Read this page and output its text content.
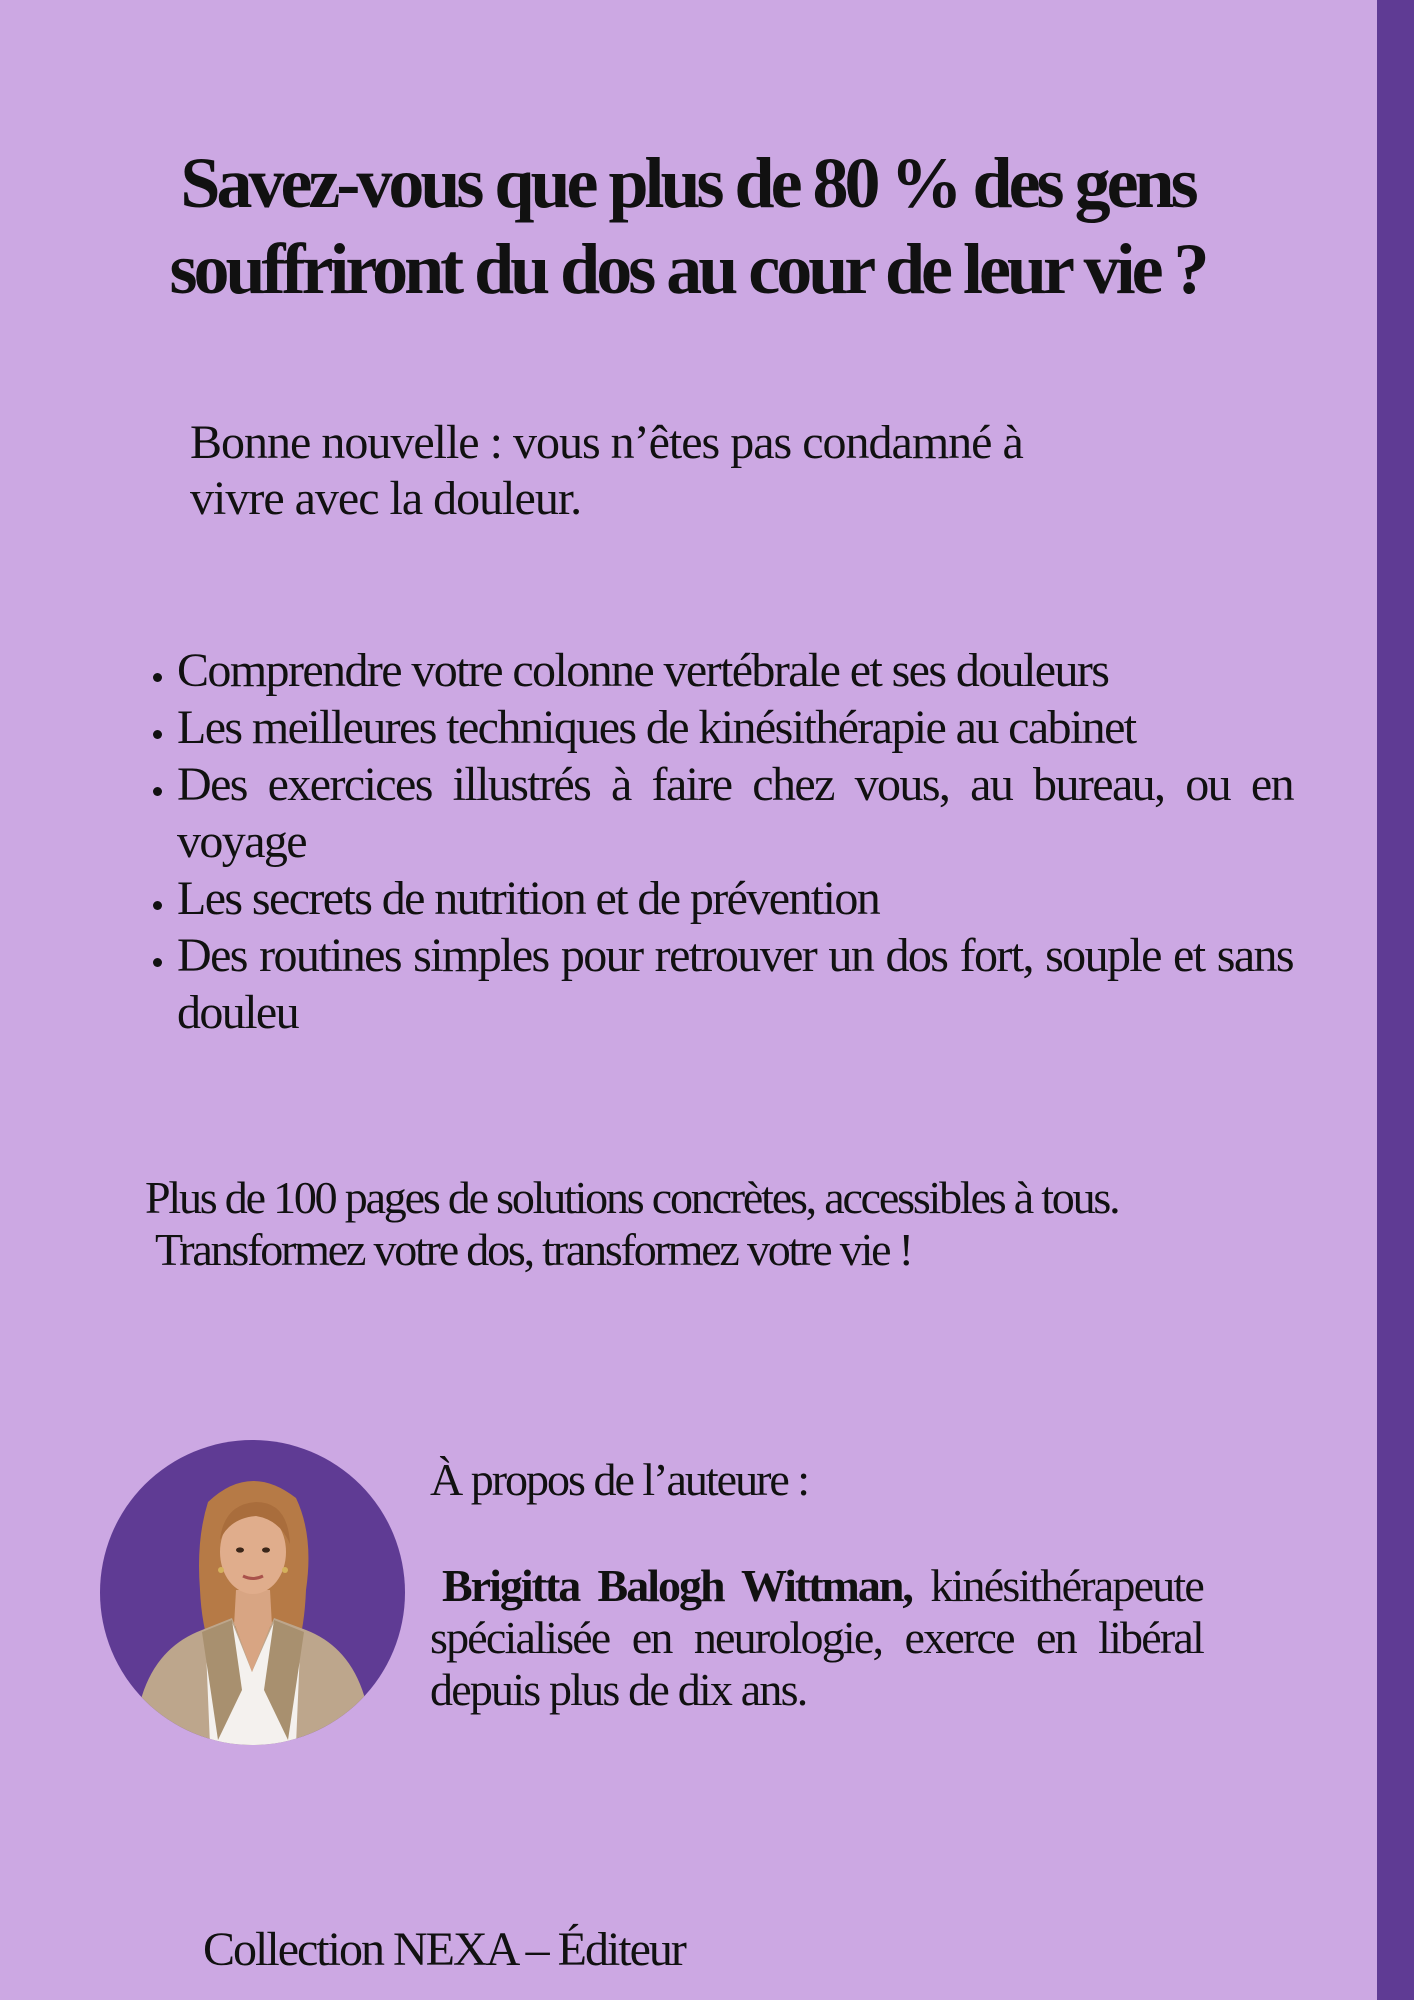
Savez-vous que plus de 80 % des gens
souffriront du dos au cour de leur vie ?
Bonne nouvelle : vous n’êtes pas condamné à
vivre avec la douleur.
• Comprendre votre colonne vertébrale et ses douleurs
• Les meilleures techniques de kinésithérapie au cabinet
• Des exercices illustrés à faire chez vous, au bureau, ou en voyage
• Les secrets de nutrition et de prévention
• Des routines simples pour retrouver un dos fort, souple et sans douleu
Plus de 100 pages de solutions concrètes, accessibles à tous.
Transformez votre dos, transformez votre vie !
À propos de l’auteure :
Brigitta Balogh Wittman, kinésithérapeute spécialisée en neurologie, exerce en libéral depuis plus de dix ans.
Collection NEXA – Éditeur
